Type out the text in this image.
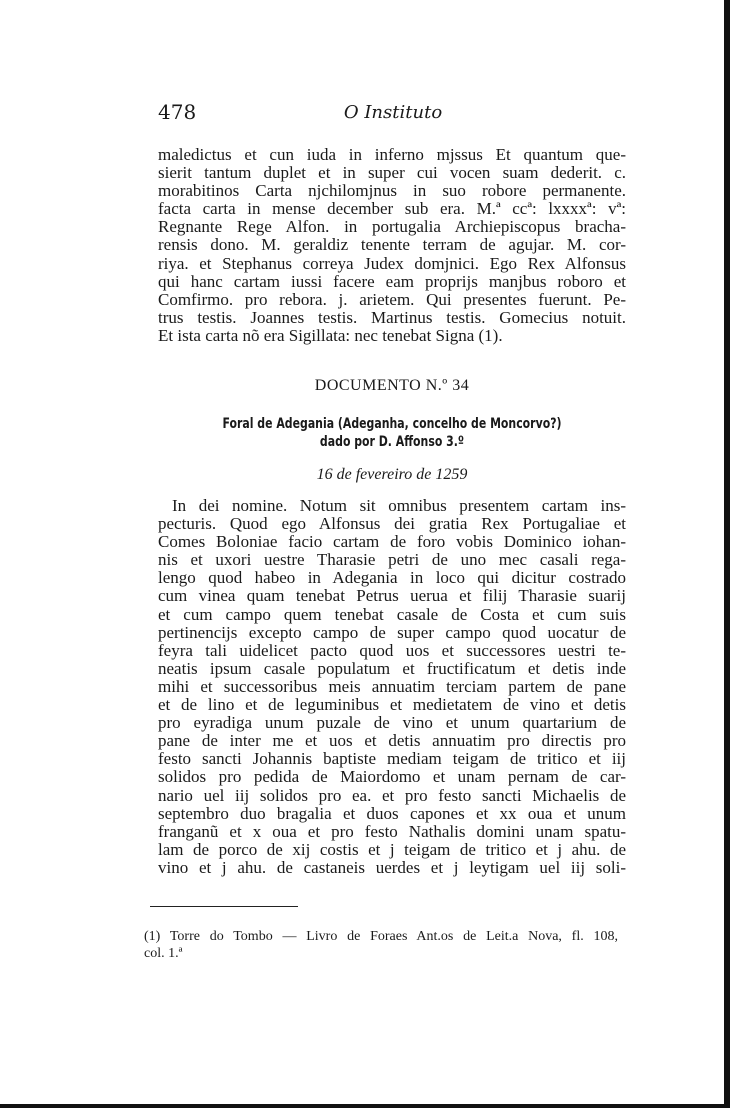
478	O Instituto
maledictus et cun iuda in inferno mjssus Et quantum que-
sierit tantum duplet et in super cui vocen suam dederit. c.
morabitinos Carta njchilomjnus in suo robore permanente.
facta carta in mense december sub era. M.ª ccª: lxxxxª: vª:
Regnante Rege Alfon. in portugalia Archiepiscopus bracha-
rensis dono. M. geraldiz tenente terram de agujar. M. cor-
riya. et Stephanus correya Judex domjnici. Ego Rex Alfonsus
qui hanc cartam iussi facere eam proprijs manjbus roboro et
Comfirmo. pro rebora. j. arietem. Qui presentes fuerunt. Pe-
trus testis. Joannes testis. Martinus testis. Gomecius notuit.
Et ista carta nõ era Sigillata: nec tenebat Signa (1).
DOCUMENTO N.º 34
Foral de Adegania (Adeganha, concelho de Moncorvo?)
dado por D. Affonso 3.º
16 de fevereiro de 1259
In dei nomine. Notum sit omnibus presentem cartam ins-
pecturis. Quod ego Alfonsus dei gratia Rex Portugaliae et
Comes Boloniae facio cartam de foro vobis Dominico iohan-
nis et uxori uestre Tharasie petri de uno mec casali rega-
lengo quod habeo in Adegania in loco qui dicitur costrado
cum vinea quam tenebat Petrus uerua et filij Tharasie suarij
et cum campo quem tenebat casale de Costa et cum suis
pertinencijs excepto campo de super campo quod uocatur de
feyra tali uidelicet pacto quod uos et successores uestri te-
neatis ipsum casale populatum et fructificatum et detis inde
mihi et successoribus meis annuatim terciam partem de pane
et de lino et de leguminibus et medietatem de vino et detis
pro eyradiga unum puzale de vino et unum quartarium de
pane de inter me et uos et detis annuatim pro directis pro
festo sancti Johannis baptiste mediam teigam de tritico et iij
solidos pro pedida de Maiordomo et unam pernam de car-
nario uel iij solidos pro ea. et pro festo sancti Michaelis de
septembro duo bragalia et duos capones et xx oua et unum
franganũ et x oua et pro festo Nathalis domini unam spatu-
lam de porco de xij costis et j teigam de tritico et j ahu. de
vino et j ahu. de castaneis uerdes et j leytigam uel iij soli-
(1) Torre do Tombo — Livro de Foraes Ant.os de Leit.a Nova, fl. 108,
col. 1.ª
